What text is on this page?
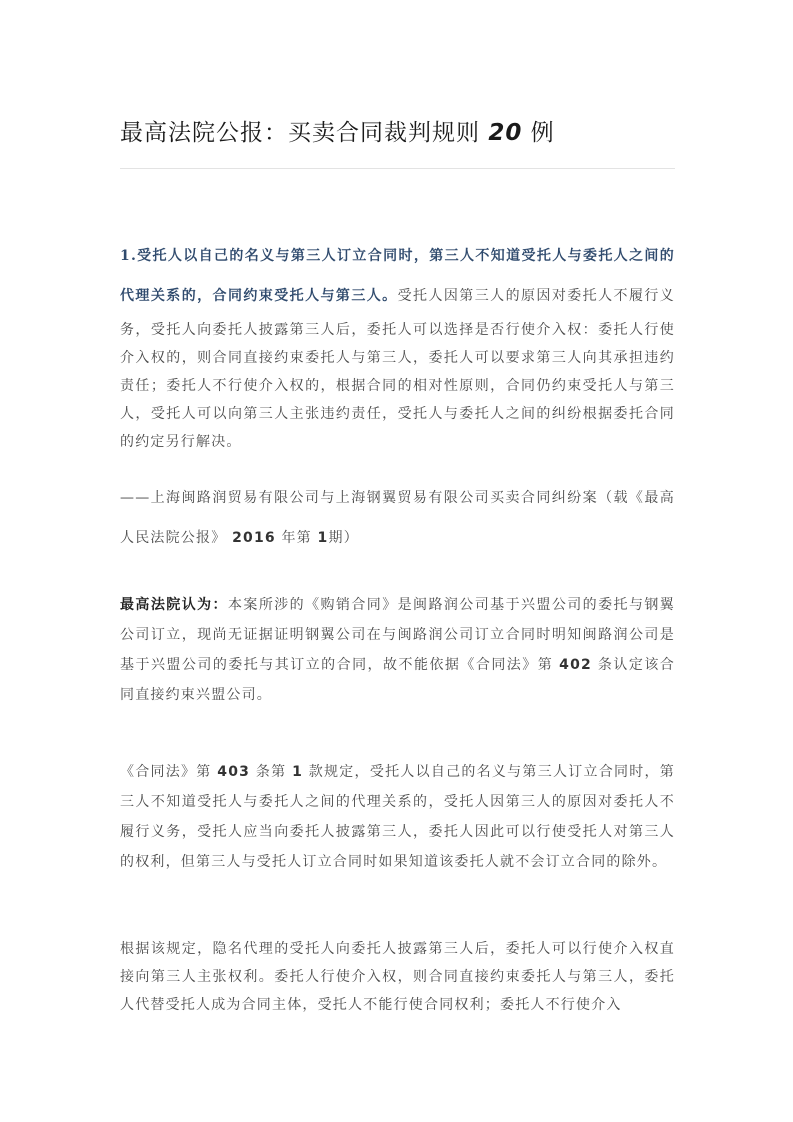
最高法院公报：买卖合同裁判规则 20 例

1.受托人以自己的名义与第三人订立合同时，第三人不知道受托人与委托人之间的代理关系的，合同约束受托人与第三人。受托人因第三人的原因对委托人不履行义务，受托人向委托人披露第三人后，委托人可以选择是否行使介入权：委托人行使介入权的，则合同直接约束委托人与第三人，委托人可以要求第三人向其承担违约责任；委托人不行使介入权的，根据合同的相对性原则，合同仍约束受托人与第三人，受托人可以向第三人主张违约责任，受托人与委托人之间的纠纷根据委托合同的约定另行解决。

——上海闽路润贸易有限公司与上海钢翼贸易有限公司买卖合同纠纷案（载《最高人民法院公报》 2016 年第 1期）

最高法院认为：本案所涉的《购销合同》是闽路润公司基于兴盟公司的委托与钢翼公司订立，现尚无证据证明钢翼公司在与闽路润公司订立合同时明知闽路润公司是基于兴盟公司的委托与其订立的合同，故不能依据《合同法》第 402 条认定该合同直接约束兴盟公司。

《合同法》第 403 条第 1 款规定，受托人以自己的名义与第三人订立合同时，第三人不知道受托人与委托人之间的代理关系的，受托人因第三人的原因对委托人不履行义务，受托人应当向委托人披露第三人，委托人因此可以行使受托人对第三人的权利，但第三人与受托人订立合同时如果知道该委托人就不会订立合同的除外。

根据该规定，隐名代理的受托人向委托人披露第三人后，委托人可以行使介入权直接向第三人主张权利。委托人行使介入权，则合同直接约束委托人与第三人，委托人代替受托人成为合同主体，受托人不能行使合同权利；委托人不行使介入
